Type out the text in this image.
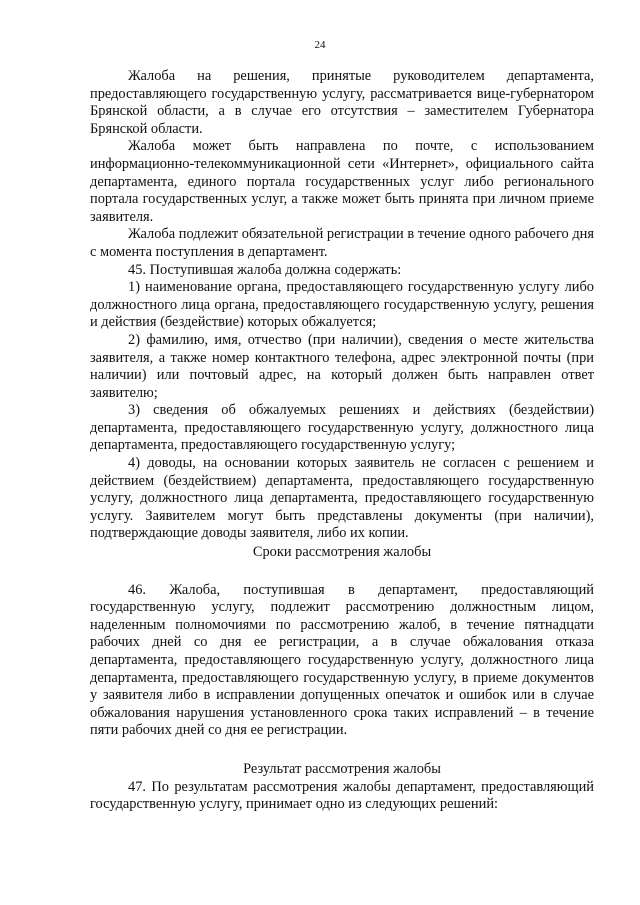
24

Жалоба на решения, принятые руководителем департамента, предоставляющего государственную услугу, рассматривается вице-губернатором Брянской области, а в случае его отсутствия – заместителем Губернатора Брянской области.

Жалоба может быть направлена по почте, с использованием информационно-телекоммуникационной сети «Интернет», официального сайта департамента, единого портала государственных услуг либо регионального портала государственных услуг, а также может быть принята при личном приеме заявителя.

Жалоба подлежит обязательной регистрации в течение одного рабочего дня с момента поступления в департамент.

45. Поступившая жалоба должна содержать:

1) наименование органа, предоставляющего государственную услугу либо должностного лица органа, предоставляющего государственную услугу, решения и действия (бездействие) которых обжалуется;

2) фамилию, имя, отчество (при наличии), сведения о месте жительства заявителя, а также номер контактного телефона, адрес электронной почты (при наличии) или почтовый адрес, на который должен быть направлен ответ заявителю;

3) сведения об обжалуемых решениях и действиях (бездействии) департамента, предоставляющего государственную услугу, должностного лица департамента, предоставляющего государственную услугу;

4) доводы, на основании которых заявитель не согласен с решением и действием (бездействием) департамента, предоставляющего государственную услугу, должностного лица департамента, предоставляющего государственную услугу. Заявителем могут быть представлены документы (при наличии), подтверждающие доводы заявителя, либо их копии.

Сроки рассмотрения жалобы

46. Жалоба, поступившая в департамент, предоставляющий государственную услугу, подлежит рассмотрению должностным лицом, наделенным полномочиями по рассмотрению жалоб, в течение пятнадцати рабочих дней со дня ее регистрации, а в случае обжалования отказа департамента, предоставляющего государственную услугу, должностного лица департамента, предоставляющего государственную услугу, в приеме документов у заявителя либо в исправлении допущенных опечаток и ошибок или в случае обжалования нарушения установленного срока таких исправлений – в течение пяти рабочих дней со дня ее регистрации.

Результат рассмотрения жалобы

47. По результатам рассмотрения жалобы департамент, предоставляющий государственную услугу, принимает одно из следующих решений:
